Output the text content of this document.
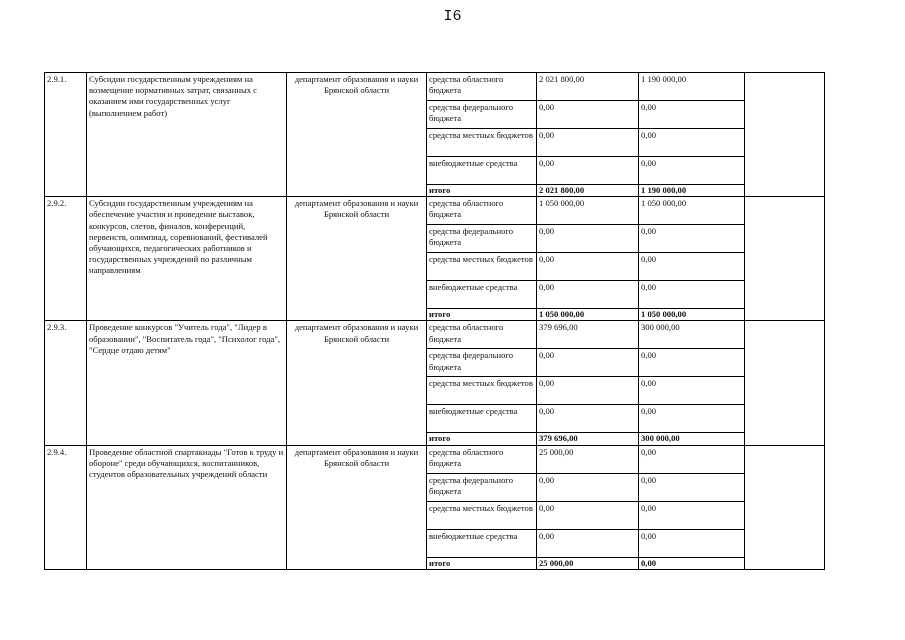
I6
2.9.1.	Субсидии государственным учреждениям на возмещение нормативных затрат, связанных с оказанием ими государственных услуг (выполнением работ)	департамент образования и науки Брянской области	средства областного бюджета	2 021 800,00	1 190 000,00	
			средства федерального бюджета	0,00	0,00	
			средства местных бюджетов	0,00	0,00	
			внебюджетные средства	0,00	0,00	
			итого	2 021 800,00	1 190 000,00	
2.9.2.	Субсидии государственным учреждениям на обеспечение участия и проведение выставок, конкурсов, слетов, финалов, конференций, первенств, олимпиад, соревнований, фестивалей обучающихся, педагогических работников и государственных учреждений по различным направлениям	департамент образования и науки Брянской области	средства областного бюджета	1 050 000,00	1 050 000,00	
			средства федерального бюджета	0,00	0,00	
			средства местных бюджетов	0,00	0,00	
			внебюджетные средства	0,00	0,00	
			итого	1 050 000,00	1 050 000,00	
2.9.3.	Проведение конкурсов "Учитель года", "Лидер в образовании", "Воспитатель года", "Психолог года", "Сердце отдаю детям"	департамент образования и науки Брянской области	средства областного бюджета	379 696,00	300 000,00	
			средства федерального бюджета	0,00	0,00	
			средства местных бюджетов	0,00	0,00	
			внебюджетные средства	0,00	0,00	
			итого	379 696,00	300 000,00	
2.9.4.	Проведение областной спартакиады "Готов к труду и обороне" среди обучающихся, воспитанников, студентов образовательных учреждений области	департамент образования и науки Брянской области	средства областного бюджета	25 000,00	0,00	
			средства федерального бюджета	0,00	0,00	
			средства местных бюджетов	0,00	0,00	
			внебюджетные средства	0,00	0,00	
			итого	25 000,00	0,00	
